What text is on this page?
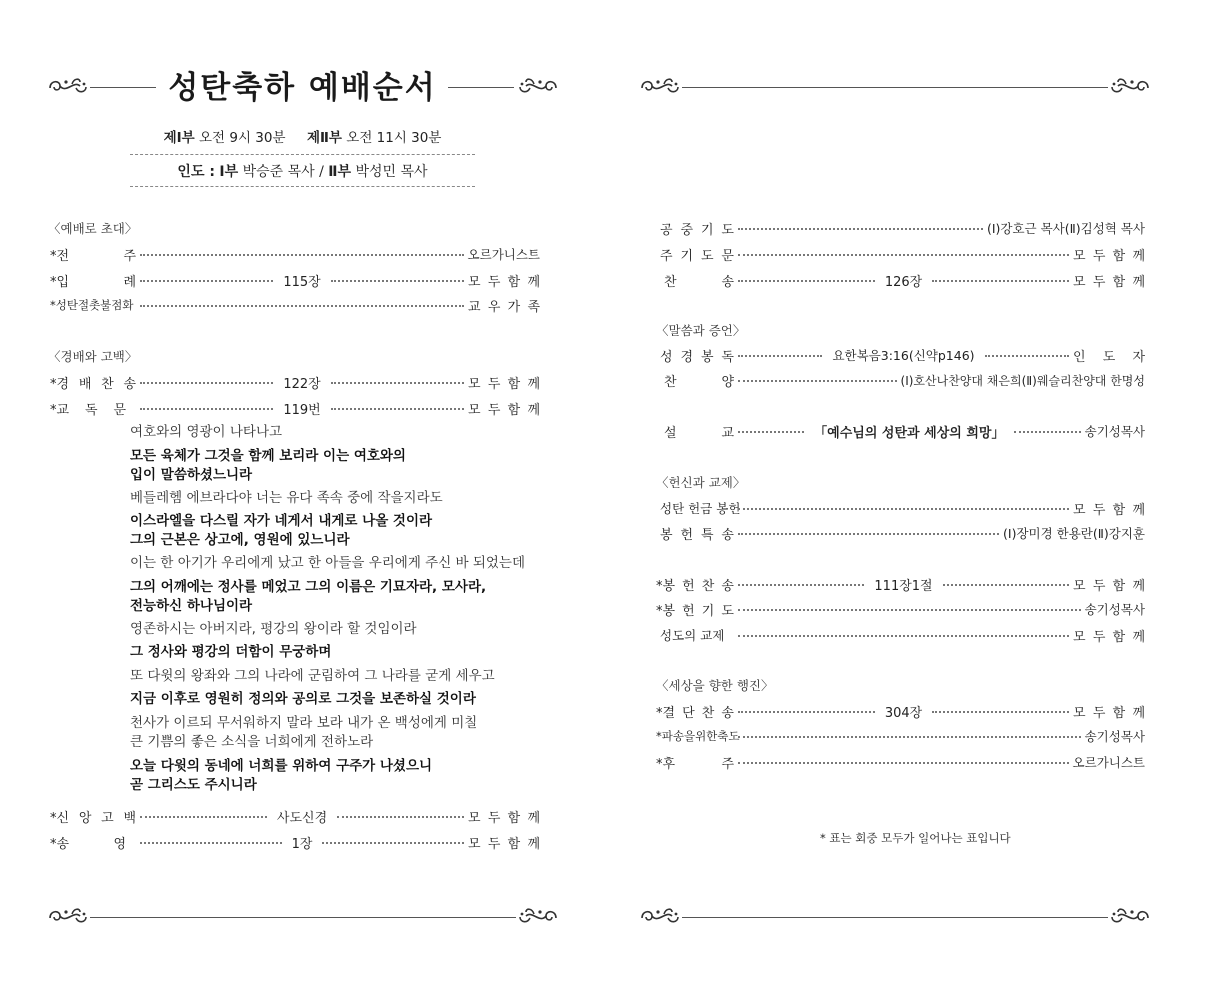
성탄축하 예배순서
제Ⅰ부 오전 9시 30분 제Ⅱ부 오전 11시 30분
인도 : Ⅰ부 박승준 목사 / Ⅱ부 박성민 목사
〈예배로 초대〉
*전	주	오르가니스트
*입	례	115장	모 두 함 께
*성탄절촛불점화	교 우 가 족
〈경배와 고백〉
*경 배 찬 송	122장	모 두 함 께
*교 독 문	119번	모 두 함 께
여호와의 영광이 나타나고
모든 육체가 그것을 함께 보리라 이는 여호와의
입이 말씀하셨느니라
베들레헴 에브라다야 너는 유다 족속 중에 작을지라도
이스라엘을 다스릴 자가 네게서 내게로 나올 것이라
그의 근본은 상고에, 영원에 있느니라
이는 한 아기가 우리에게 났고 한 아들을 우리에게 주신 바 되었는데
그의 어깨에는 정사를 메었고 그의 이름은 기묘자라, 모사라,
전능하신 하나님이라
영존하시는 아버지라, 평강의 왕이라 할 것임이라
그 정사와 평강의 더함이 무궁하며
또 다윗의 왕좌와 그의 나라에 군림하여 그 나라를 굳게 세우고
지금 이후로 영원히 정의와 공의로 그것을 보존하실 것이라
천사가 이르되 무서워하지 말라 보라 내가 온 백성에게 미칠
큰 기쁨의 좋은 소식을 너희에게 전하노라
오늘 다윗의 동네에 너희를 위하여 구주가 나셨으니
곧 그리스도 주시니라
*신 앙 고 백	사도신경	모 두 함 께
*송	영	1장	모 두 함 께
공 중 기 도	(Ⅰ)강호근 목사(Ⅱ)김성혁 목사
주 기 도 문	모 두 함 께
찬	송	126장	모 두 함 께
〈말씀과 증언〉
성 경 봉 독	요한복음3:16(신약p146)	인 도 자
찬	양	(Ⅰ)호산나찬양대 채은희(Ⅱ)웨슬리찬양대 한명성
설	교	「예수님의 성탄과 세상의 희망」	송기성목사
〈헌신과 교제〉
성탄 헌금 봉헌	모 두 함 께
봉 헌 특 송	(Ⅰ)장미경 한용란(Ⅱ)강지훈
*봉 헌 찬 송	111장1절	모 두 함 께
*봉 헌 기 도	송기성목사
성도의 교제	모 두 함 께
〈세상을 향한 행진〉
*결 단 찬 송	304장	모 두 함 께
*파송을위한축도	송기성목사
*후	주	오르가니스트
* 표는 회중 모두가 일어나는 표입니다
